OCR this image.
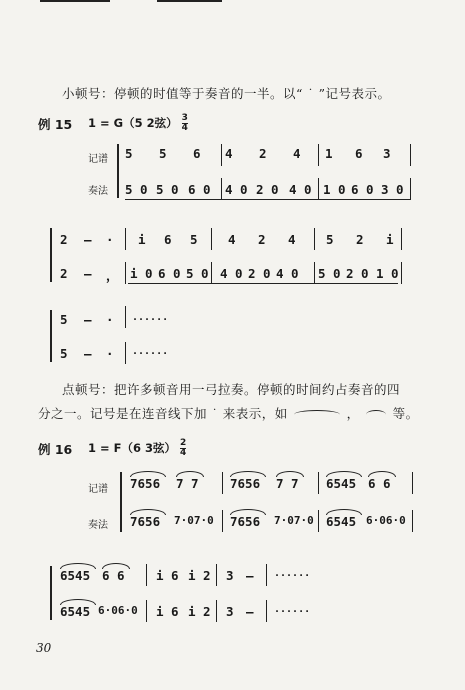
小顿号：停顿的时值等于奏音的一半。以“ ˙ ”记号表示。
例 15 1 = G（5 2弦） $\frac{3}{4}$
记谱
奏法
5 5 6 4 2 4 1 6 3
5 0 5 0 6 0 4 0 2 0 4 0 1 0 6 0 3 0
2 — · i 6 5 4 2 4 5 2 i
2 — ， i 0 6 0 5 0 4 0 2 0 4 0 5 0 2 0 1 0
5 — · ......
5 — · ......
点顿号：把许多顿音用一弓拉奏。停顿的时间约占奏音的四
分之一。记号是在连音线下加 ˙ 来表示，如	，  等。
例 16 1 = F（6 3弦） $\frac{2}{4}$
记谱
奏法
7656 7 7	7656 7 7 6545 6 6
7656 7·07·0 7656 7·07·0 6545 6·06·0
6545 6 6	i 6 i 2 3 — ......
6545 6·06·0 i 6 i 2 3 — ......
30
